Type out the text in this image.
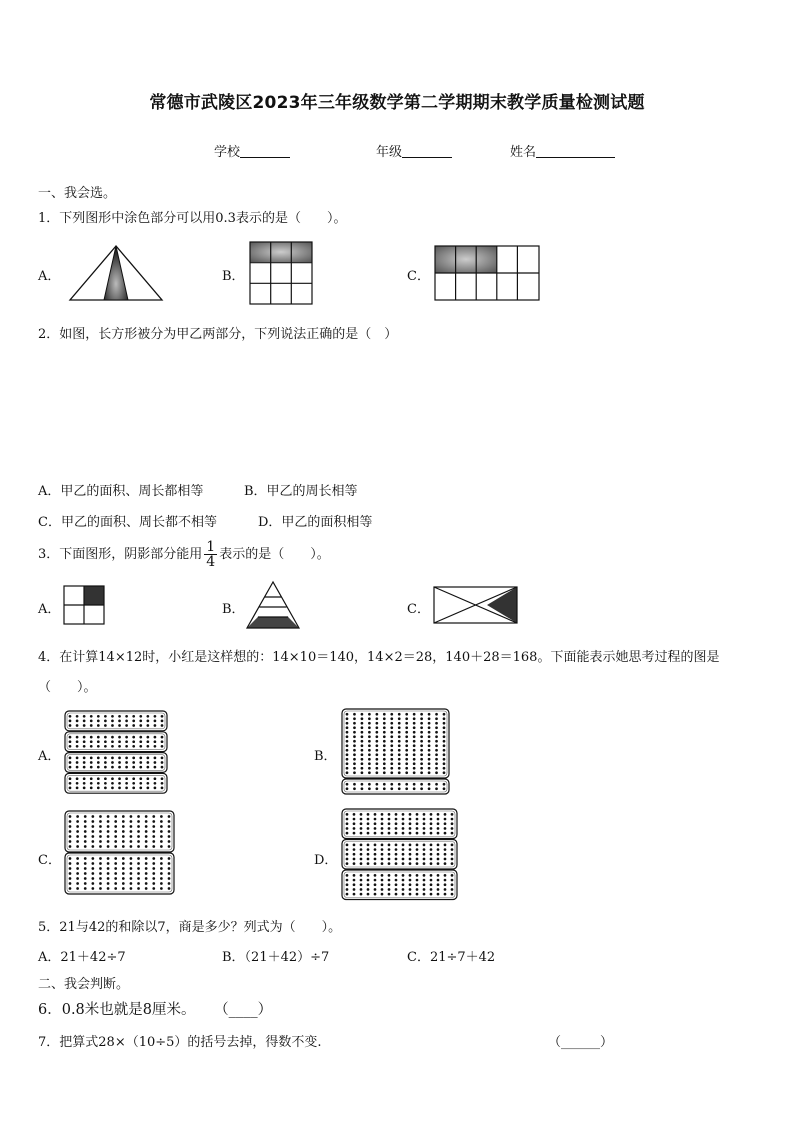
常德市武陵区2023年三年级数学第二学期期末教学质量检测试题
学校	年级	姓名
一、我会选。
1．下列图形中涂色部分可以用0.3表示的是（　　）。
A．	B．	C．
2．如图，长方形被分为甲乙两部分，下列说法正确的是（　）
A．甲乙的面积、周长都相等	B．甲乙的周长相等
C．甲乙的面积、周长都不相等	D．甲乙的面积相等
3．下面图形，阴影部分能用 $\frac{1}{4}$ 表示的是（　　）。
A．	B．	C．
4．在计算14×12时，小红是这样想的：14×10＝140，14×2＝28，140＋28＝168。下面能表示她思考过程的图是
（　　）。
A．	B．
C．	D．
5．21与42的和除以7，商是多少？列式为（　　）。
A．21＋42÷7	B．（21＋42）÷7	C．21÷7＋42
二、我会判断。
6．0.8米也就是8厘米。 （____）
7．把算式28×（10÷5）的括号去掉，得数不变.	（______）
